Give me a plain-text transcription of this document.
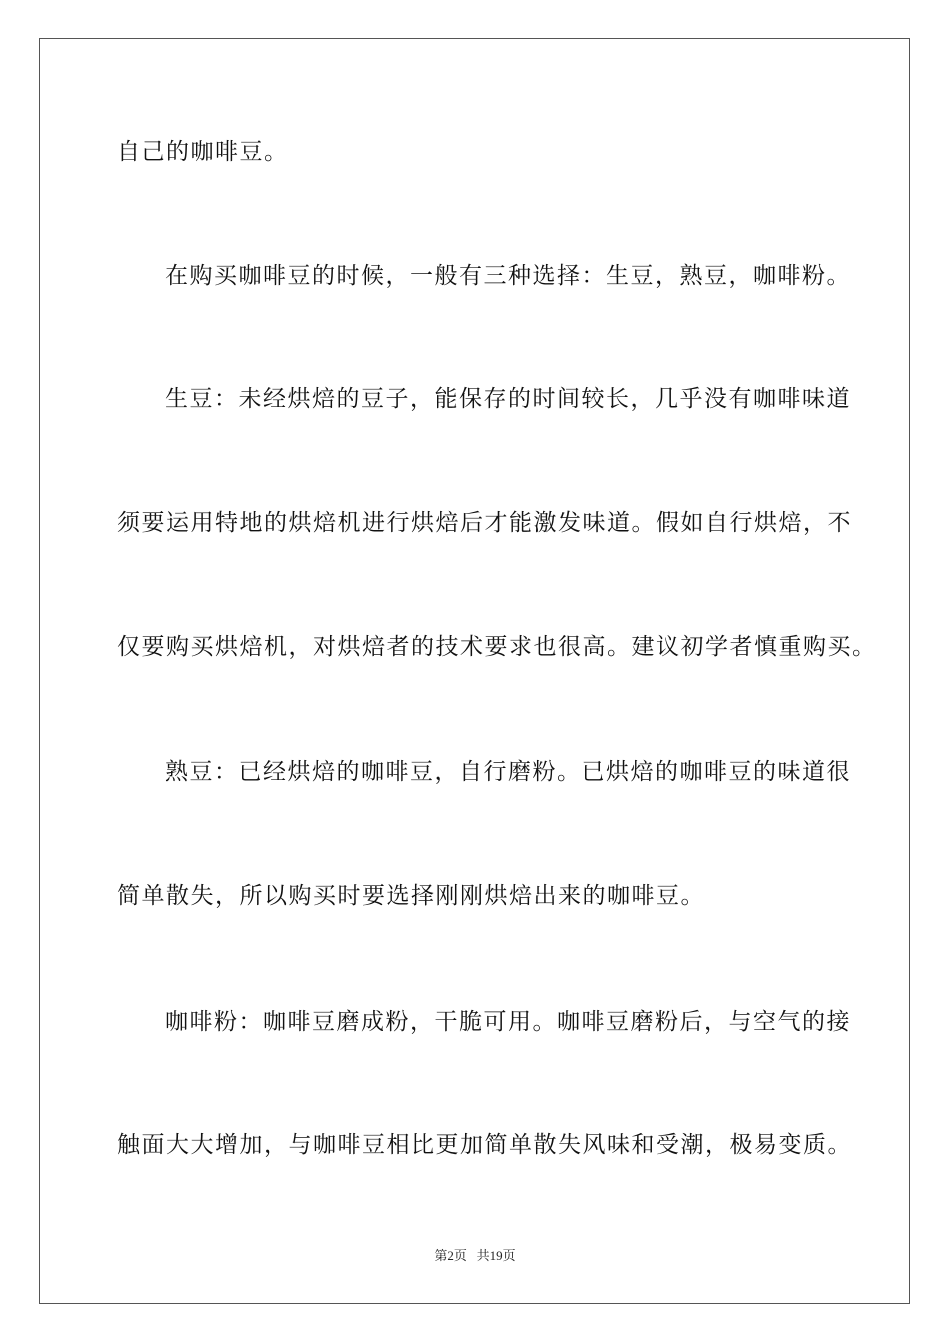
自己的咖啡豆。
在购买咖啡豆的时候，一般有三种选择：生豆，熟豆，咖啡粉。
生豆：未经烘焙的豆子，能保存的时间较长，几乎没有咖啡味道
须要运用特地的烘焙机进行烘焙后才能激发味道。假如自行烘焙，不
仅要购买烘焙机，对烘焙者的技术要求也很高。建议初学者慎重购买。
熟豆：已经烘焙的咖啡豆，自行磨粉。已烘焙的咖啡豆的味道很
简单散失，所以购买时要选择刚刚烘焙出来的咖啡豆。
咖啡粉：咖啡豆磨成粉，干脆可用。咖啡豆磨粉后，与空气的接
触面大大增加，与咖啡豆相比更加简单散失风味和受潮，极易变质。
第2页   共19页
